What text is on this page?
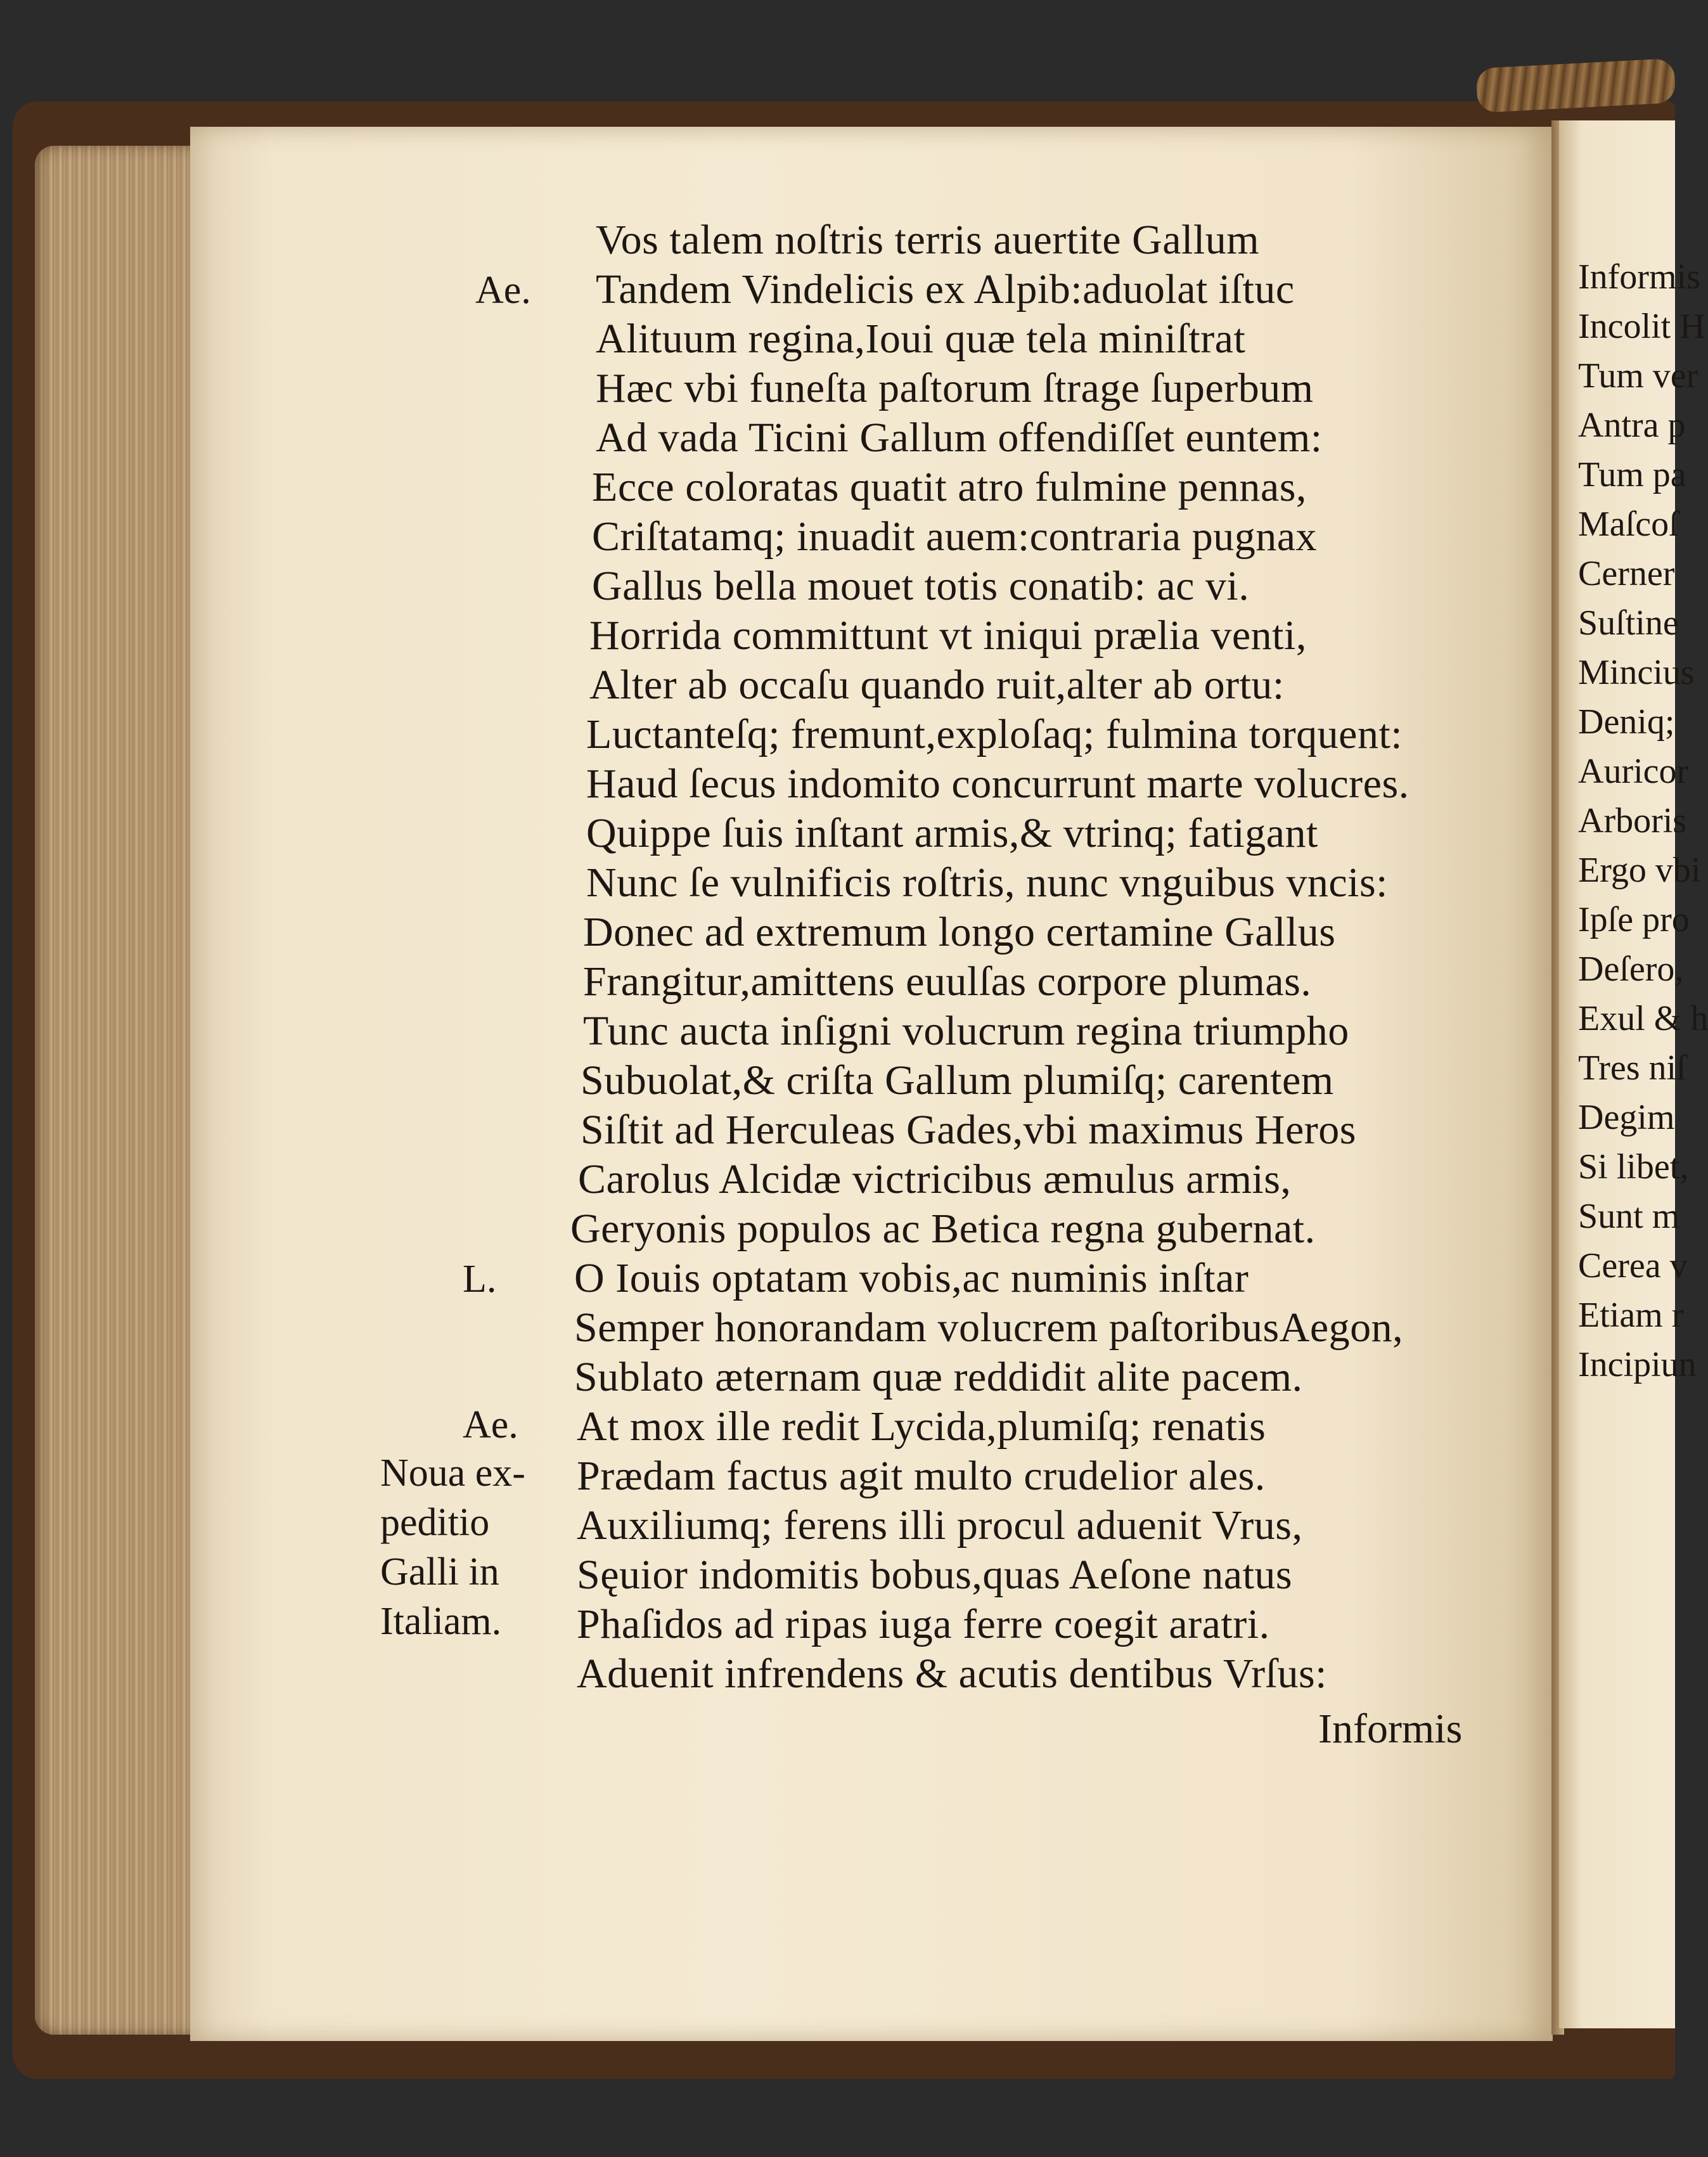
Vos talem noſtris terris auertite Gallum
Tandem Vindelicis ex Alpib:aduolat iſtuc
Alituum regina,Ioui quæ tela miniſtrat
Hæc vbi funeſta paſtorum ſtrage ſuperbum
Ad vada Ticini Gallum offendiſſet euntem:
Ecce coloratas quatit atro fulmine pennas,
Criſtatamq; inuadit auem:contraria pugnax
Gallus bella mouet totis conatib: ac vi.
Horrida committunt vt iniqui prælia venti,
Alter ab occaſu quando ruit,alter ab ortu:
Luctanteſq; fremunt,exploſaq; fulmina torquent:
Haud ſecus indomito concurrunt marte volucres.
Quippe ſuis inſtant armis,& vtrinq; fatigant
Nunc ſe vulnificis roſtris, nunc vnguibus vncis:
Donec ad extremum longo certamine Gallus
Frangitur,amittens euulſas corpore plumas.
Tunc aucta inſigni volucrum regina triumpho
Subuolat,& criſta Gallum plumiſq; carentem
Siſtit ad Herculeas Gades,vbi maximus Heros
Carolus Alcidæ victricibus æmulus armis,
Geryonis populos ac Betica regna gubernat.
O Iouis optatam vobis,ac numinis inſtar
Semper honorandam volucrem paſtoribusAegon,
Sublato æternam quæ reddidit alite pacem.
At mox ille redit Lycida,plumiſq; renatis
Prædam factus agit multo crudelior ales.
Auxiliumq; ferens illi procul aduenit Vrus,
Sęuior indomitis bobus,quas Aeſone natus
Phaſidos ad ripas iuga ferre coegit aratri.
Aduenit infrendens & acutis dentibus Vrſus:
Ae.
L.
Ae.
Noua ex-
peditio
Galli in
Italiam.
Informis
Informis
Incolit H
Tum ver
Antra p
Tum pa
Maſcoſ
Cerner
Suſtine
Mincius
Deniq;
Auricor
Arboris
Ergo vbi
Ipſe pro
Deſero,
Exul & h
Tres niſ
Degim
Si libet,
Sunt m
Cerea v
Etiam r
Incipiun
